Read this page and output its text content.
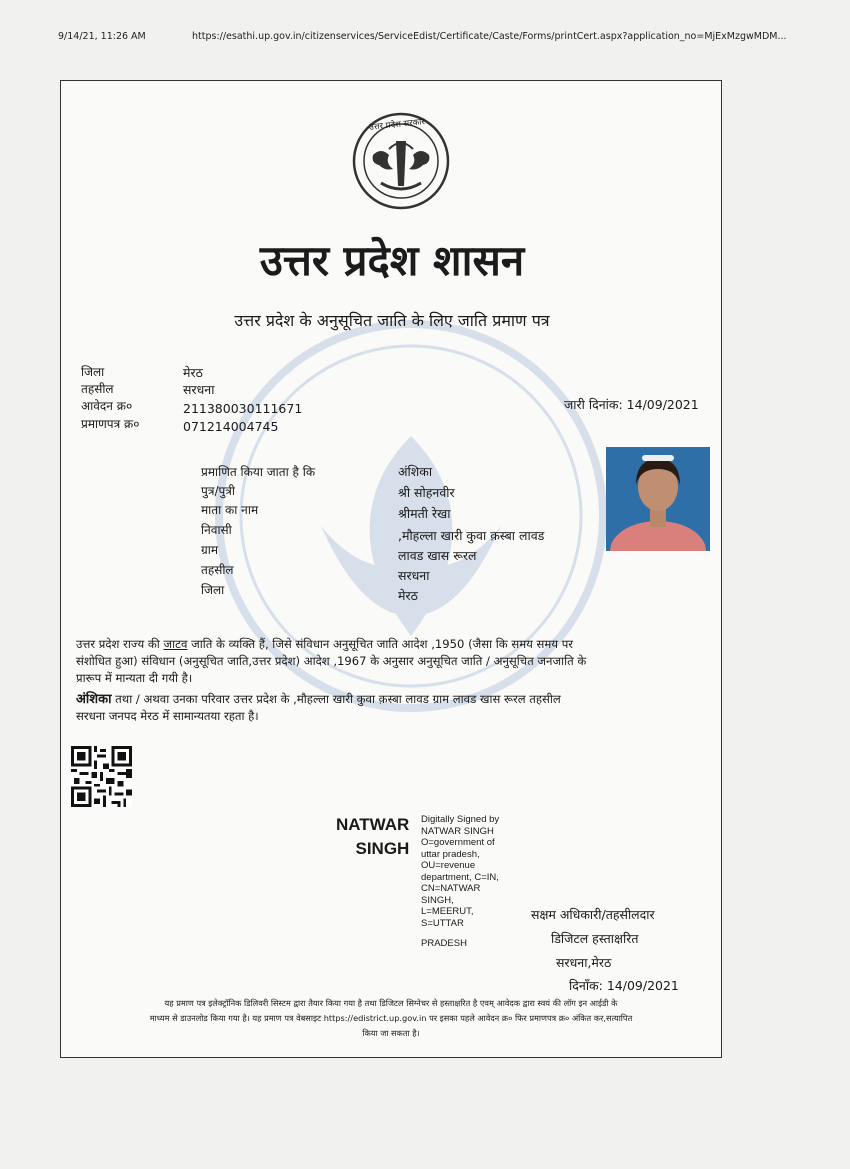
9/14/21, 11:26 AM	https://esathi.up.gov.in/citizenservices/ServiceEdist/Certificate/Caste/Forms/printCert.aspx?application_no=MjExMzgwMDM...
उत्तर प्रदेश सरकार
उत्तर प्रदेश शासन
उत्तर प्रदेश के अनुसूचित जाति के लिए जाति प्रमाण पत्र
जिला	मेरठ
तहसील	सरधना
आवेदन क्र०	211380030111671
प्रमाणपत्र क्र०	071214004745
जारी दिनांक: 14/09/2021
प्रमाणित किया जाता है कि	अंशिका
पुत्र/पुत्री	श्री सोहनवीर
माता का नाम	श्रीमती रेखा
निवासी	,मौहल्ला खारी कुवा क़स्बा लावड
ग्राम	लावड खास रूरल
तहसील	सरधना
जिला	मेरठ
उत्तर प्रदेश राज्य की जाटव जाति के व्यक्ति हैं, जिसे संविधान अनुसूचित जाति आदेश ,1950 (जैसा कि समय समय पर
संशोधित हुआ) संविधान (अनुसूचित जाति,उत्तर प्रदेश) आदेश ,1967 के अनुसार अनुसूचित जाति / अनुसूचित जनजाति के
प्रारूप में मान्यता दी गयी है।
अंशिका तथा / अथवा उनका परिवार उत्तर प्रदेश के ,मौहल्ला खारी कुवा क़स्बा लावड ग्राम लावड खास रूरल तहसील
सरधना जनपद मेरठ में सामान्यतया रहता है।
NATWAR
SINGH
Digitally Signed by
NATWAR SINGH
O=government of
uttar pradesh,
OU=revenue
department, C=IN,
CN=NATWAR
SINGH,
L=MEERUT,
S=UTTAR
PRADESH
सक्षम अधिकारी/तहसीलदार
डिजिटल हस्ताक्षरित
सरधना,मेरठ
दिनाँक: 14/09/2021
यह प्रमाण पत्र इलेक्ट्रॉनिक डिलिवरी सिस्टम द्वारा तैयार किया गया है तथा डिजिटल सिग्नेचर से हस्ताक्षरित है एवम् आवेदक द्वारा स्वयं की लॉग इन आईडी के
माध्यम से डाउनलोड किया गया है। यह प्रमाण पत्र वेबसाइट https://edistrict.up.gov.in पर इसका पहले आवेदन क्र० फिर प्रमाणपत्र क्र० अंकित कर,सत्यापित
किया जा सकता है।
